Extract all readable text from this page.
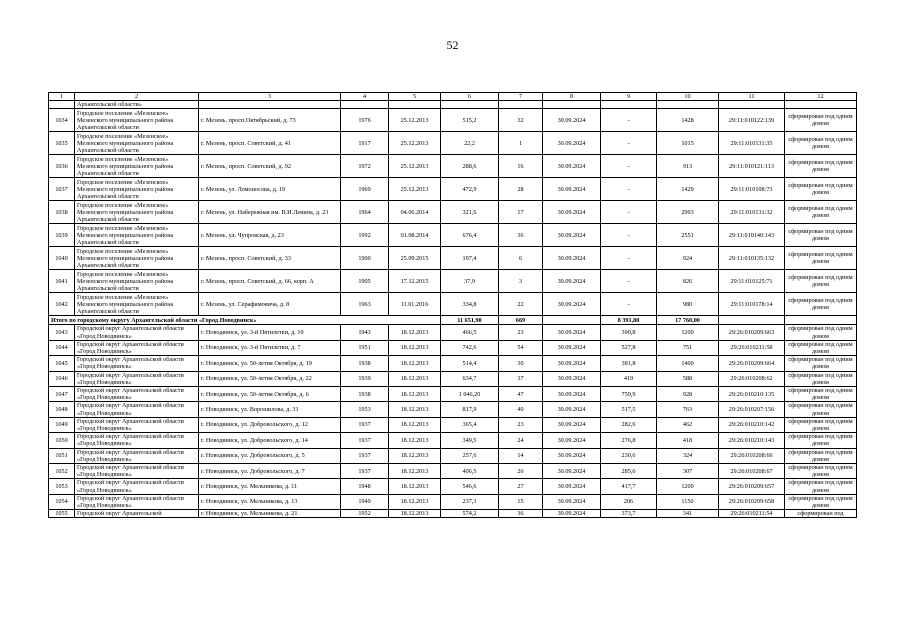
52
1	2	3	4	5	6	7	8	9	10	11	12
	Архангельской области»										
1034	Городское поселение «Мезенское» Мезенского муниципального района Архангельской области	г. Мезень, просп.Октябрьский, д. 73	1976	25.12.2013	515,2	32	30.09.2024	-	1428	29:11:010122:139	сформирован под одним домом
1035	Городское поселение «Мезенское» Мезенского муниципального района Архангельской области	г. Мезень, просп. Советский, д. 41	1917	25.12.2013	22,2	1	30.09.2024	-	1015	29:11:010131:35	сформирован под одним домом
1036	Городское поселение «Мезенское» Мезенского муниципального района Архангельской области	г. Мезень, просп. Советский, д. 92	1972	25.12.2013	288,6	16	30.09.2024	-	913	29:11:010121:113	сформирован под одним домом
1037	Городское поселение «Мезенское» Мезенского муниципального района Архангельской области	г. Мезень, ул. Ломоносова, д. 19	1969	25.12.2013	472,9	28	30.09.2024	-	1429	29:11:010108:73	сформирован под одним домом
1038	Городское поселение «Мезенское» Мезенского муниципального района Архангельской области	г. Мезень, ул. Набережная им. В.И.Ленина, д. 23	1964	04.06.2014	321,6	17	30.09.2024	-	2993	29:11:010131:32	сформирован под одним домом
1039	Городское поселение «Мезенское» Мезенского муниципального района Архангельской области	г. Мезень, ул. Чупровская, д. 23	1992	01.08.2014	676,4	36	30.09.2024	-	2551	29:11:010140:143	сформирован под одним домом
1040	Городское поселение «Мезенское» Мезенского муниципального района Архангельской области	г. Мезень, просп. Советский, д. 33	1900	25.09.2015	197,4	6	30.09.2024	-	924	29:11:010135:132	сформирован под одним домом
1041	Городское поселение «Мезенское» Мезенского муниципального района Архангельской области	г. Мезень, просп. Советский, д. 66, корп. А	1905	17.12.2015	37,9	3	30.09.2024	-	826	29:11:010125:71	сформирован под одним домом
1042	Городское поселение «Мезенское» Мезенского муниципального района Архангельской области	г. Мезень, ул. Серафимовича, д. 8	1963	11.01.2016	334,8	22	30.09.2024	-	980	29:11:010178:14	сформирован под одним домом
Итого по городскому округу Архангельской области «Город Новодвинск»					11 651,90	669		8 391,80	17 760,00		
1043	Городской округ Архангельской области «Город Новодвинск»	г. Новодвинск, ул. 3-й Пятилетки, д. 10	1943	18.12.2013	466,5	23	30.09.2024	390,8	1200	29:26:010209:663	сформирован под одним домом
1044	Городской округ Архангельской области «Город Новодвинск»	г. Новодвинск, ул. 3-й Пятилетки, д. 7	1951	18.12.2013	742,6	54	30.09.2024	527,8	751	29:26:010211:58	сформирован под одним домом
1045	Городской округ Архангельской области «Город Новодвинск»	г. Новодвинск, ул. 50-летия Октября, д. 19	1938	18.12.2013	514,4	30	30.09.2024	381,8	1400	29:26:010209:664	сформирован под одним домом
1046	Городской округ Архангельской области «Город Новодвинск»	г. Новодвинск, ул. 50-летия Октября, д. 22	1939	18.12.2013	634,7	37	30.09.2024	419	588	29:26:010208:62	сформирован под одним домом
1047	Городской округ Архангельской области «Город Новодвинск»	г. Новодвинск, ул. 50-летия Октября, д. 6	1938	18.12.2013	1 046,20	47	30.09.2024	759,9	928	29:26:010210:135	сформирован под одним домом
1048	Городской округ Архангельской области «Город Новодвинск»	г. Новодвинск, ул. Ворошилова, д. 31	1953	18.12.2013	817,9	40	30.09.2024	517,5	763	29:26:010207:156	сформирован под одним домом
1049	Городской округ Архангельской области «Город Новодвинск»	г. Новодвинск, ул. Добровольского, д. 12	1937	18.12.2013	365,4	23	30.09.2024	282,6	462	29:26:010210:142	сформирован под одним домом
1050	Городской округ Архангельской области «Город Новодвинск»	г. Новодвинск, ул. Добровольского, д. 14	1937	18.12.2013	349,5	24	30.09.2024	276,8	418	29:26:010210:143	сформирован под одним домом
1051	Городской округ Архангельской области «Город Новодвинск»	г. Новодвинск, ул. Добровольского, д. 5	1937	18.12.2013	257,6	14	30.09.2024	230,6	324	29:26:010208:66	сформирован под одним домом
1052	Городской округ Архангельской области «Город Новодвинск»	г. Новодвинск, ул. Добровольского, д. 7	1937	18.12.2013	406,5	26	30.09.2024	285,6	307	29:26:010208:67	сформирован под одним домом
1053	Городской округ Архангельской области «Город Новодвинск»	г. Новодвинск, ул. Мельникова, д. 11	1948	18.12.2013	546,6	27	30.09.2024	417,7	1200	29:26:010209:657	сформирован под одним домом
1054	Городской округ Архангельской области «Город Новодвинск»	г. Новодвинск, ул. Мельникова, д. 13	1949	18.12.2013	237,3	15	30.09.2024	206	1150	29:26:010209:658	сформирован под одним домом
1055	Городской округ Архангельской	г. Новодвинск, ул. Мельникова, д. 21	1952	18.12.2013	574,2	36	30.09.2024	373,7	341	29:26:010211:54	сформирован под
